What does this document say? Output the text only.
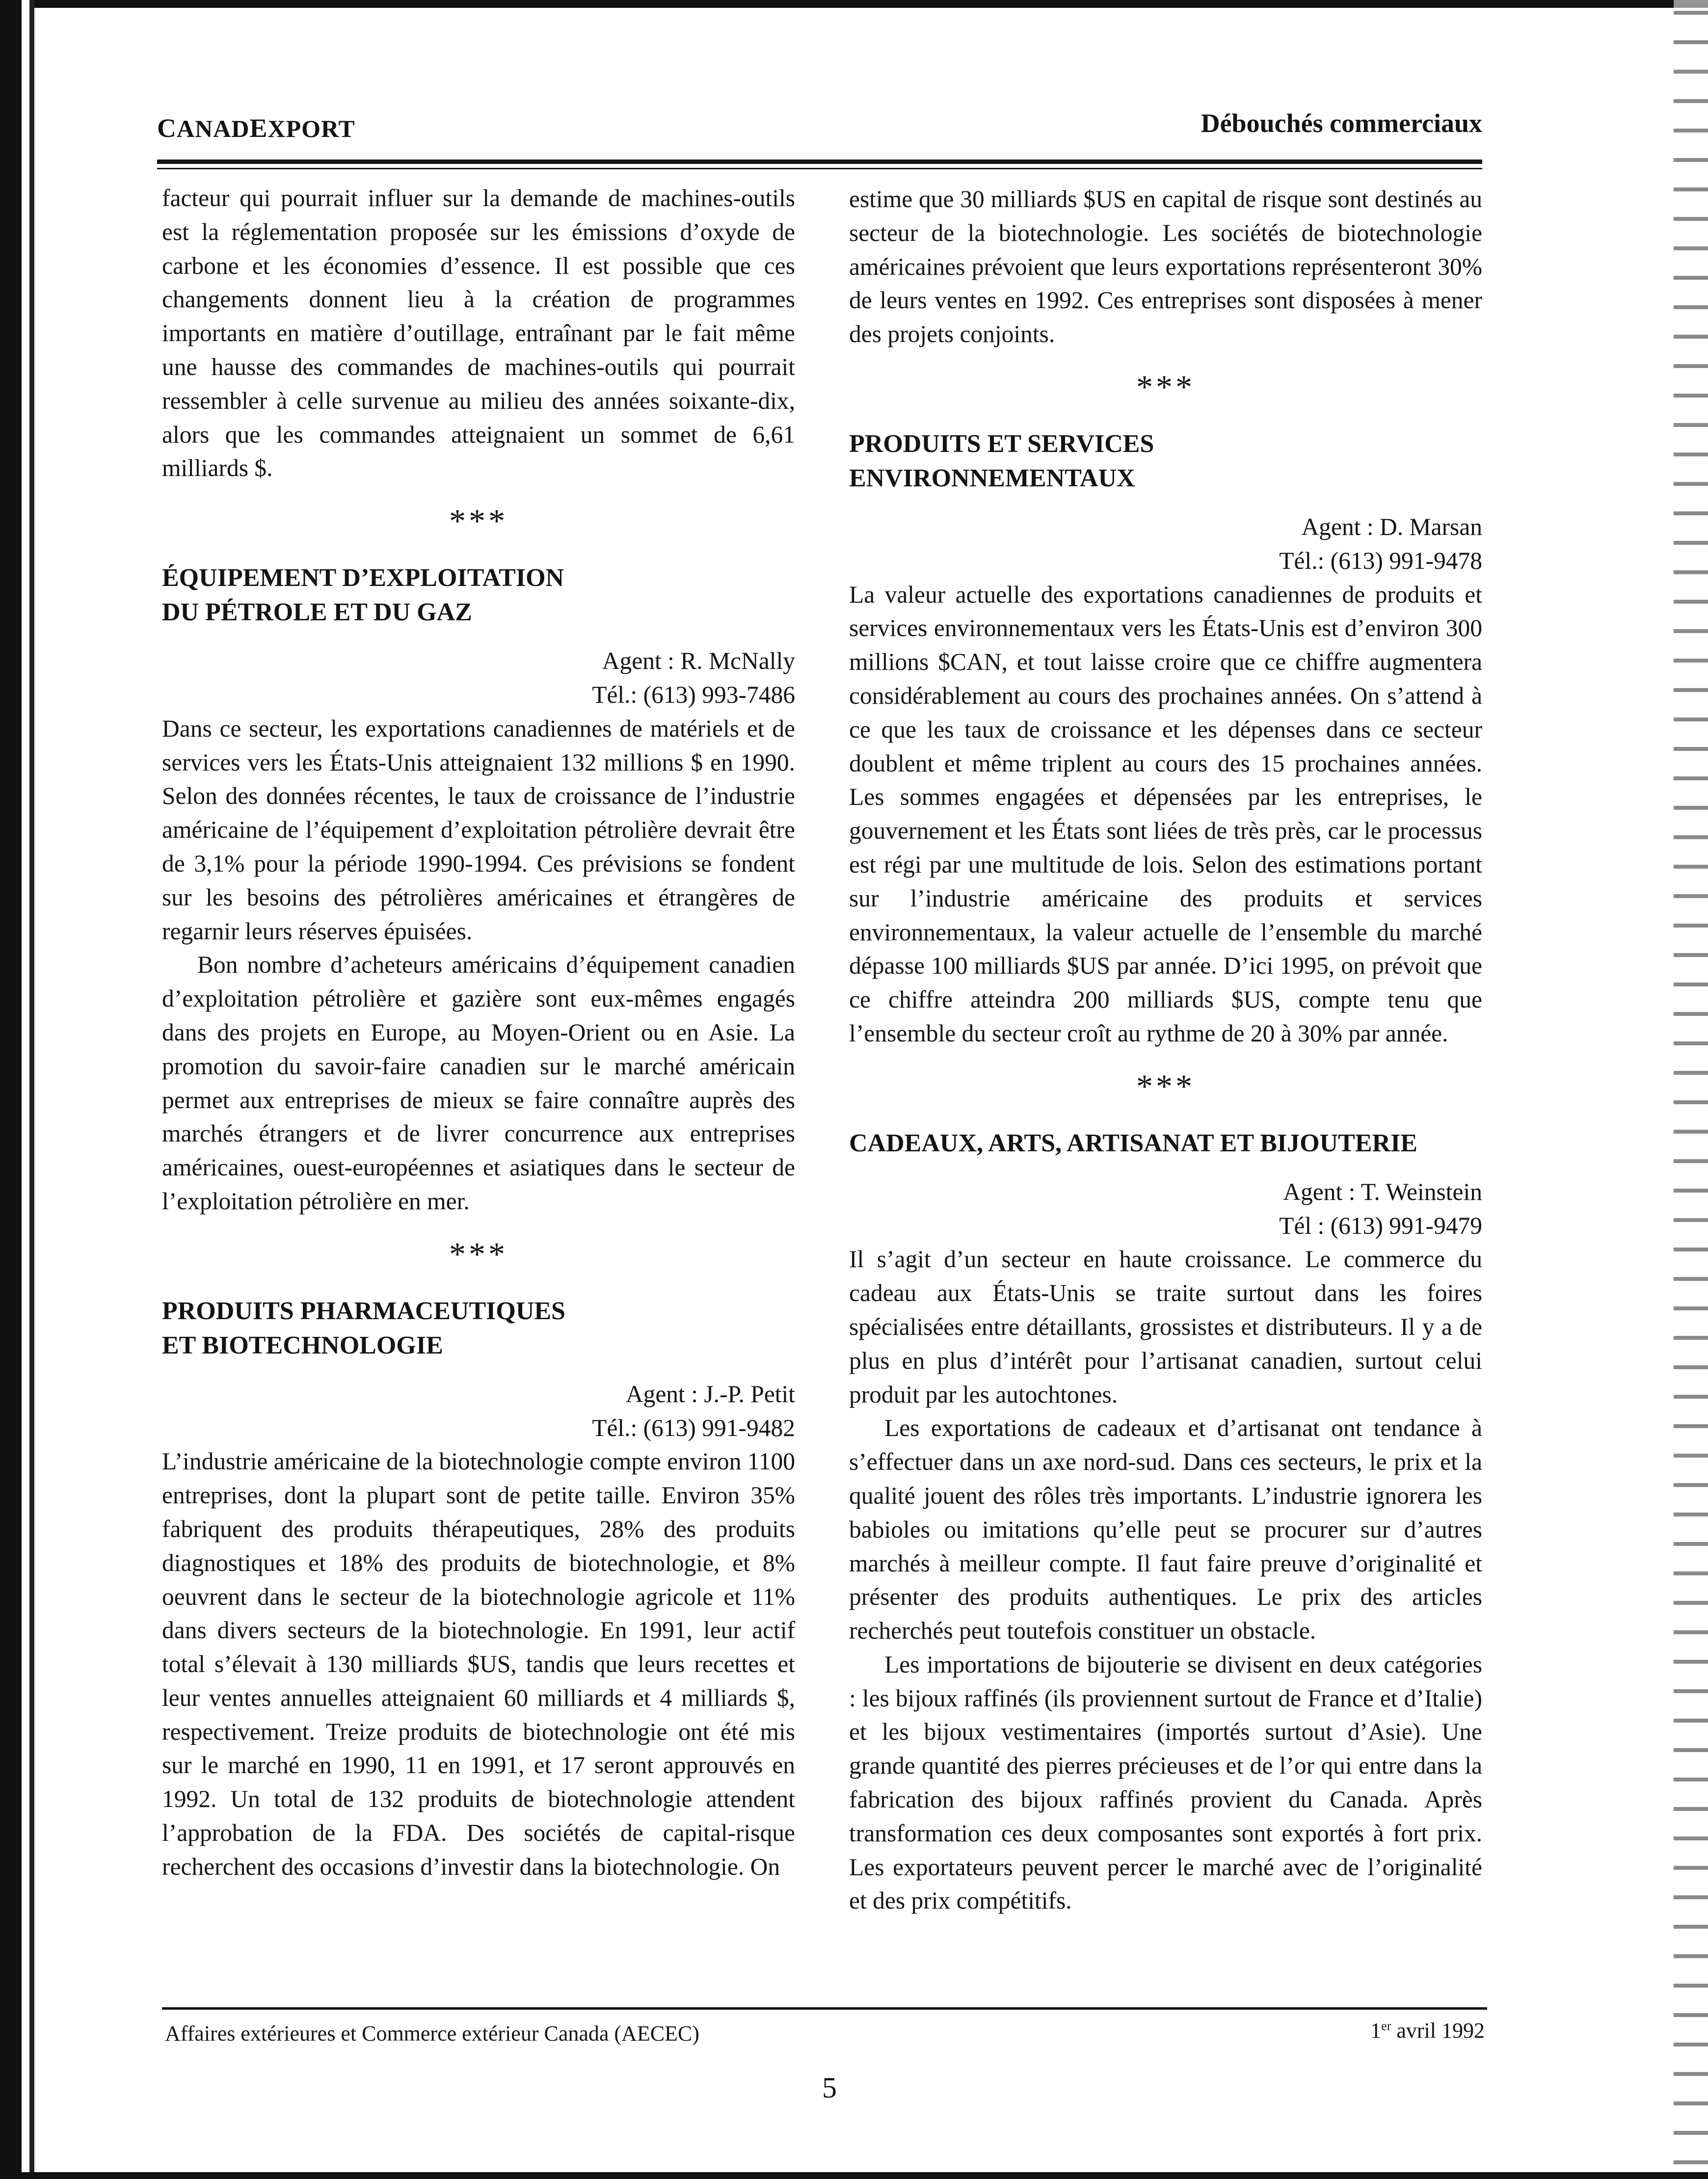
CANADEXPORT	Débouchés commerciaux

facteur qui pourrait influer sur la demande de machines-outils est la réglementation proposée sur les émissions d’oxyde de carbone et les économies d’essence. Il est possible que ces changements donnent lieu à la création de programmes importants en matière d’outillage, entraînant par le fait même une hausse des commandes de machines-outils qui pourrait ressembler à celle survenue au milieu des années soixante-dix, alors que les commandes atteignaient un sommet de 6,61 milliards $.

***
ÉQUIPEMENT D’EXPLOITATION
DU PÉTROLE ET DU GAZ

Agent : R. McNally

Tél.: (613) 993-7486

Dans ce secteur, les exportations canadiennes de matériels et de services vers les États-Unis atteignaient 132 millions $ en 1990. Selon des données récentes, le taux de croissance de l’industrie américaine de l’équipement d’exploitation pétrolière devrait être de 3,1% pour la période 1990-1994. Ces prévisions se fondent sur les besoins des pétrolières américaines et étrangères de regarnir leurs réserves épuisées.

Bon nombre d’acheteurs américains d’équipement canadien d’exploitation pétrolière et gazière sont eux-mêmes engagés dans des projets en Europe, au Moyen-Orient ou en Asie. La promotion du savoir-faire canadien sur le marché américain permet aux entreprises de mieux se faire connaître auprès des marchés étrangers et de livrer concurrence aux entreprises américaines, ouest-européennes et asiatiques dans le secteur de l’exploitation pétrolière en mer.

***
PRODUITS PHARMACEUTIQUES
ET BIOTECHNOLOGIE

Agent : J.-P. Petit

Tél.: (613) 991-9482

L’industrie américaine de la biotechnologie compte environ 1100 entreprises, dont la plupart sont de petite taille. Environ 35% fabriquent des produits thérapeutiques, 28% des produits diagnostiques et 18% des produits de biotechnologie, et 8% oeuvrent dans le secteur de la biotechnologie agricole et 11% dans divers secteurs de la biotechnologie. En 1991, leur actif total s’élevait à 130 milliards $US, tandis que leurs recettes et leur ventes annuelles atteignaient 60 milliards et 4 milliards $, respectivement. Treize produits de biotechnologie ont été mis sur le marché en 1990, 11 en 1991, et 17 seront approuvés en 1992. Un total de 132 produits de biotechnologie attendent l’approbation de la FDA. Des sociétés de capital-risque recherchent des occasions d’investir dans la biotechnologie. On

estime que 30 milliards $US en capital de risque sont destinés au secteur de la biotechnologie. Les sociétés de biotechnologie américaines prévoient que leurs exportations représenteront 30% de leurs ventes en 1992. Ces entreprises sont disposées à mener des projets conjoints.

***
PRODUITS ET SERVICES
ENVIRONNEMENTAUX

Agent : D. Marsan

Tél.: (613) 991-9478

La valeur actuelle des exportations canadiennes de produits et services environnementaux vers les États-Unis est d’environ 300 millions $CAN, et tout laisse croire que ce chiffre augmentera considérablement au cours des prochaines années. On s’attend à ce que les taux de croissance et les dépenses dans ce secteur doublent et même triplent au cours des 15 prochaines années. Les sommes engagées et dépensées par les entreprises, le gouvernement et les États sont liées de très près, car le processus est régi par une multitude de lois. Selon des estimations portant sur l’industrie américaine des produits et services environnementaux, la valeur actuelle de l’ensemble du marché dépasse 100 milliards $US par année. D’ici 1995, on prévoit que ce chiffre atteindra 200 milliards $US, compte tenu que l’ensemble du secteur croît au rythme de 20 à 30% par année.

***
CADEAUX, ARTS, ARTISANAT ET BIJOUTERIE

Agent : T. Weinstein

Tél : (613) 991-9479

Il s’agit d’un secteur en haute croissance. Le commerce du cadeau aux États-Unis se traite surtout dans les foires spécialisées entre détaillants, grossistes et distributeurs. Il y a de plus en plus d’intérêt pour l’artisanat canadien, surtout celui produit par les autochtones.

Les exportations de cadeaux et d’artisanat ont tendance à s’effectuer dans un axe nord-sud. Dans ces secteurs, le prix et la qualité jouent des rôles très importants. L’industrie ignorera les babioles ou imitations qu’elle peut se procurer sur d’autres marchés à meilleur compte. Il faut faire preuve d’originalité et présenter des produits authentiques. Le prix des articles recherchés peut toutefois constituer un obstacle.

Les importations de bijouterie se divisent en deux catégories : les bijoux raffinés (ils proviennent surtout de France et d’Italie) et les bijoux vestimentaires (importés surtout d’Asie). Une grande quantité des pierres précieuses et de l’or qui entre dans la fabrication des bijoux raffinés provient du Canada. Après transformation ces deux composantes sont exportés à fort prix. Les exportateurs peuvent percer le marché avec de l’originalité et des prix compétitifs.

Affaires extérieures et Commerce extérieur Canada (AECEC)	1er avril 1992
5
